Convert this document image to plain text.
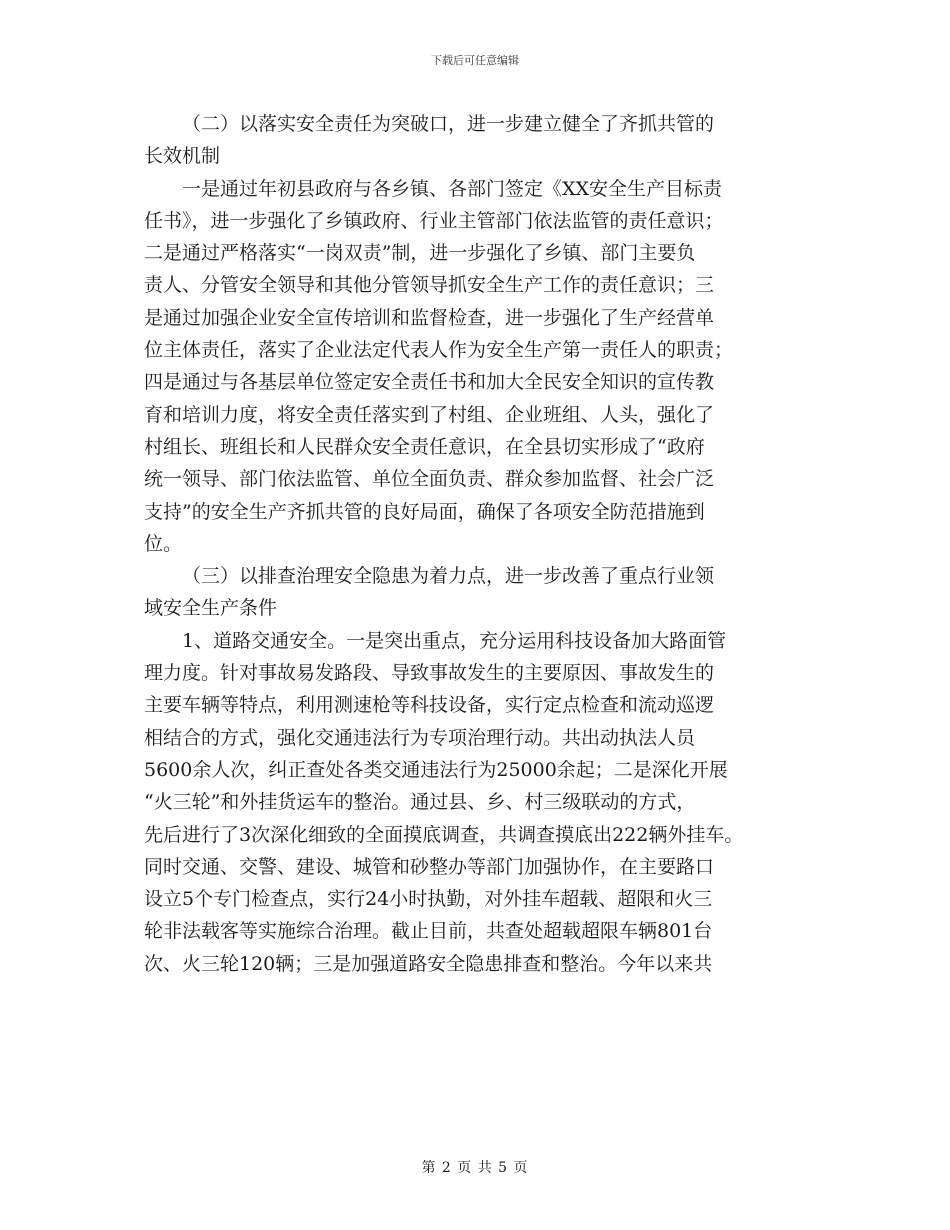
下载后可任意编辑
（二）以落实安全责任为突破口，进一步建立健全了齐抓共管的
长效机制
一是通过年初县政府与各乡镇、各部门签定《XX安全生产目标责
任书》，进一步强化了乡镇政府、行业主管部门依法监管的责任意识；
二是通过严格落实“一岗双责”制，进一步强化了乡镇、部门主要负
责人、分管安全领导和其他分管领导抓安全生产工作的责任意识；三
是通过加强企业安全宣传培训和监督检查，进一步强化了生产经营单
位主体责任，落实了企业法定代表人作为安全生产第一责任人的职责；
四是通过与各基层单位签定安全责任书和加大全民安全知识的宣传教
育和培训力度，将安全责任落实到了村组、企业班组、人头，强化了
村组长、班组长和人民群众安全责任意识，在全县切实形成了“政府
统一领导、部门依法监管、单位全面负责、群众参加监督、社会广泛
支持”的安全生产齐抓共管的良好局面，确保了各项安全防范措施到
位。
（三）以排查治理安全隐患为着力点，进一步改善了重点行业领
域安全生产条件
1、道路交通安全。一是突出重点，充分运用科技设备加大路面管
理力度。针对事故易发路段、导致事故发生的主要原因、事故发生的
主要车辆等特点，利用测速枪等科技设备，实行定点检查和流动巡逻
相结合的方式，强化交通违法行为专项治理行动。共出动执法人员
5600余人次，纠正查处各类交通违法行为25000余起；二是深化开展
“火三轮”和外挂货运车的整治。通过县、乡、村三级联动的方式，
先后进行了3次深化细致的全面摸底调查，共调查摸底出222辆外挂车。
同时交通、交警、建设、城管和砂整办等部门加强协作，在主要路口
设立5个专门检查点，实行24小时执勤，对外挂车超载、超限和火三
轮非法载客等实施综合治理。截止目前，共查处超载超限车辆801台
次、火三轮120辆；三是加强道路安全隐患排查和整治。今年以来共
第 2 页 共 5 页
